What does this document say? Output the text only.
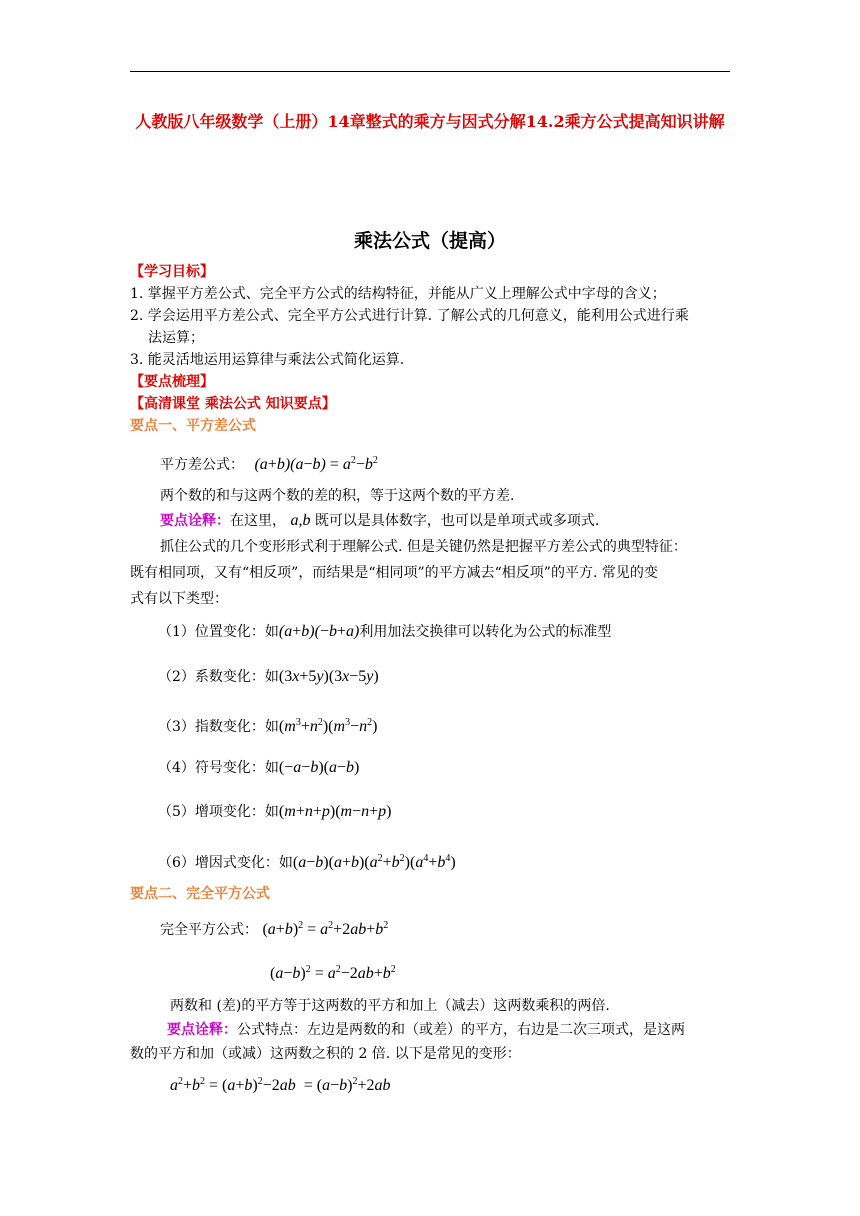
人教版八年级数学（上册）14章整式的乘方与因式分解14.2乘方公式提高知识讲解
乘法公式（提高）
【学习目标】
1. 掌握平方差公式、完全平方公式的结构特征，并能从广义上理解公式中字母的含义；
2. 学会运用平方差公式、完全平方公式进行计算. 了解公式的几何意义，能利用公式进行乘
法运算；
3. 能灵活地运用运算律与乘法公式简化运算.
【要点梳理】
【高清课堂 乘法公式 知识要点】
要点一、平方差公式
平方差公式： $(a+b)(a-b) = a^2-b^2$
两个数的和与这两个数的差的积，等于这两个数的平方差.
要点诠释：在这里， a,b 既可以是具体数字，也可以是单项式或多项式.
抓住公式的几个变形形式利于理解公式. 但是关键仍然是把握平方差公式的典型特征：
既有相同项，又有“相反项”，而结果是“相同项”的平方减去“相反项”的平方. 常见的变
式有以下类型：
（1）位置变化：如(a+b)(−b+a)利用加法交换律可以转化为公式的标准型
（2）系数变化：如(3x+5y)(3x−5y)
（3）指数变化：如$(m^3+n^2)(m^3-n^2)$
（4）符号变化：如(−a−b)(a−b)
（5）增项变化：如(m+n+p)(m−n+p)
（6）增因式变化：如$(a-b)(a+b)(a^2+b^2)(a^4+b^4)$
要点二、完全平方公式
完全平方公式： $(a+b)^2 = a^2+2ab+b^2$
$(a-b)^2 = a^2-2ab+b^2$
两数和 (差)的平方等于这两数的平方和加上（减去）这两数乘积的两倍.
要点诠释：公式特点：左边是两数的和（或差）的平方，右边是二次三项式，是这两
数的平方和加（或减）这两数之积的 2 倍. 以下是常见的变形：
$a^2+b^2 = (a+b)^2-2ab = (a-b)^2+2ab$
